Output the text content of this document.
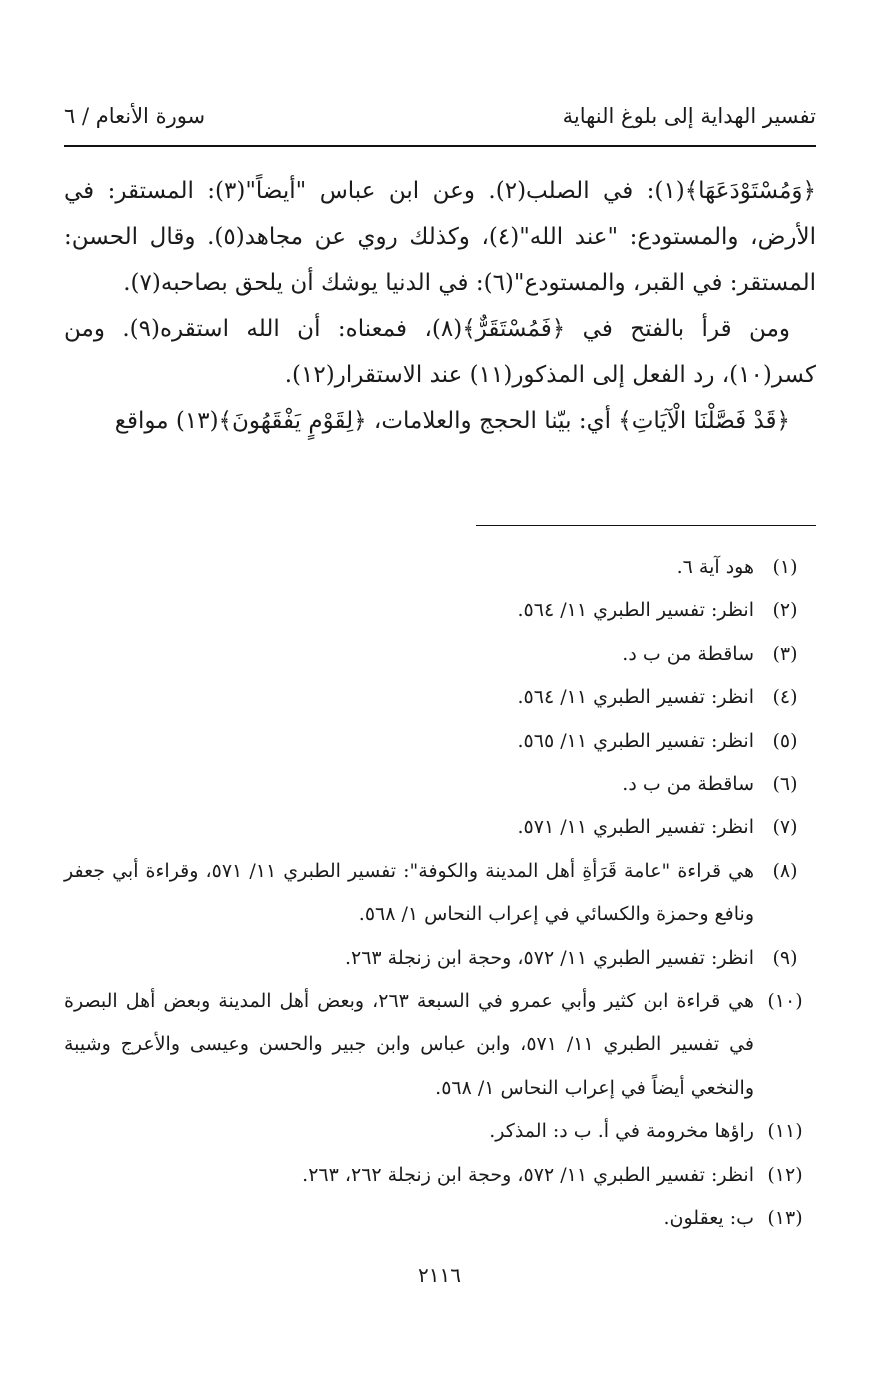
تفسير الهداية إلى بلوغ النهاية
سورة الأنعام / ٦

﴿وَمُسْتَوْدَعَهَا﴾(١): في الصلب(٢). وعن ابن عباس "أيضاً"(٣): المستقر: في الأرض، والمستودع: "عند الله"(٤)، وكذلك روي عن مجاهد(٥). وقال الحسن: المستقر: في القبر، والمستودع"(٦): في الدنيا يوشك أن يلحق بصاحبه(٧).

ومن قرأ بالفتح في ﴿فَمُسْتَقَرٌّ﴾(٨)، فمعناه: أن الله استقره(٩). ومن كسر(١٠)، رد الفعل إلى المذكور(١١) عند الاستقرار(١٢).

﴿قَدْ فَصَّلْنَا الْآيَاتِ﴾ أي: بيّنا الحجج والعلامات، ﴿لِقَوْمٍ يَفْقَهُونَ﴾(١٣) مواقع

(١)
هود آية ٦.
(٢)
انظر: تفسير الطبري ١١/ ٥٦٤.
(٣)
ساقطة من ب د.
(٤)
انظر: تفسير الطبري ١١/ ٥٦٤.
(٥)
انظر: تفسير الطبري ١١/ ٥٦٥.
(٦)
ساقطة من ب د.
(٧)
انظر: تفسير الطبري ١١/ ٥٧١.
(٨)
هي قراءة "عامة قَرَأةِ أهل المدينة والكوفة": تفسير الطبري ١١/ ٥٧١، وقراءة أبي جعفر ونافع وحمزة والكسائي في إعراب النحاس ١/ ٥٦٨.
(٩)
انظر: تفسير الطبري ١١/ ٥٧٢، وحجة ابن زنجلة ٢٦٣.
(١٠)
هي قراءة ابن كثير وأبي عمرو في السبعة ٢٦٣، وبعض أهل المدينة وبعض أهل البصرة في تفسير الطبري ١١/ ٥٧١، وابن عباس وابن جبير والحسن وعيسى والأعرج وشيبة والنخعي أيضاً في إعراب النحاس ١/ ٥٦٨.
(١١)
راؤها مخرومة في أ. ب د: المذكر.
(١٢)
انظر: تفسير الطبري ١١/ ٥٧٢، وحجة ابن زنجلة ٢٦٢، ٢٦٣.
(١٣)
ب: يعقلون.
٢١١٦
